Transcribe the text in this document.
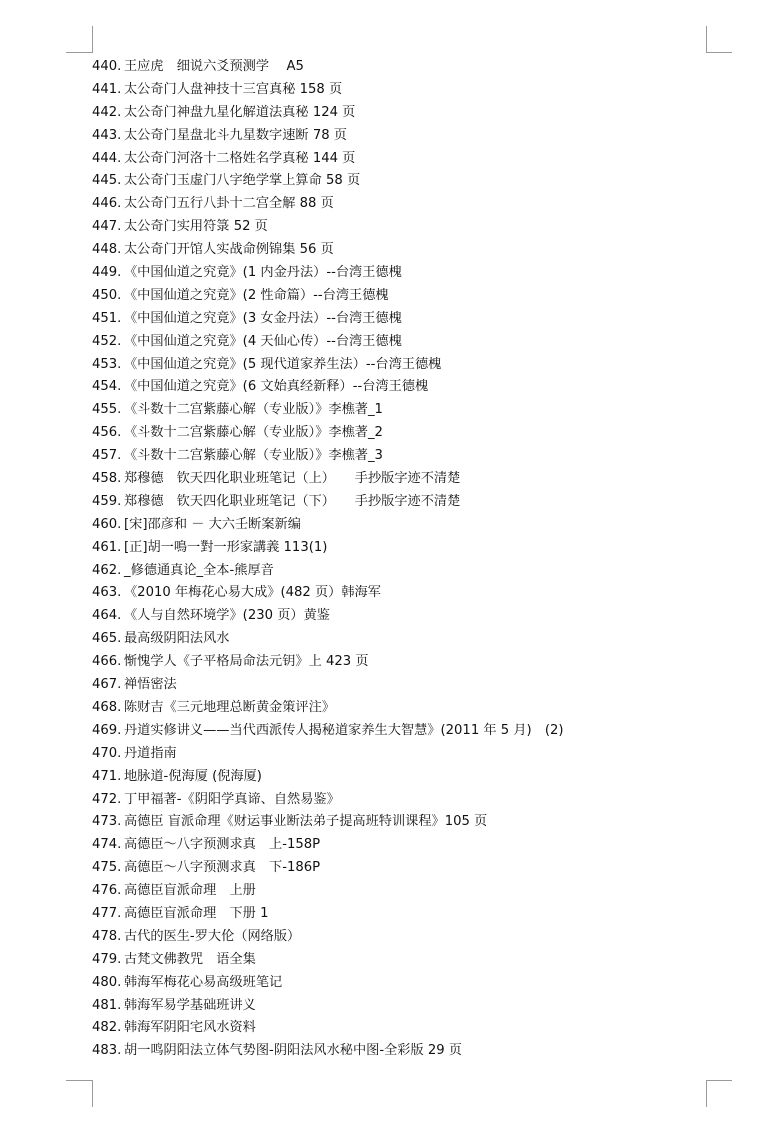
440. 王应虎　细说六爻预测学　 A5
441. 太公奇门人盘神技十三宫真秘 158 页
442. 太公奇门神盘九星化解道法真秘 124 页
443. 太公奇门星盘北斗九星数字速断 78 页
444. 太公奇门河洛十二格姓名学真秘 144 页
445. 太公奇门玉虚门八字绝学掌上算命 58 页
446. 太公奇门五行八卦十二宫全解 88 页
447. 太公奇门实用符箓 52 页
448. 太公奇门开馆人实战命例锦集 56 页
449. 《中国仙道之究竟》(1 内金丹法）--台湾王德槐
450. 《中国仙道之究竟》(2 性命篇）--台湾王德槐
451. 《中国仙道之究竟》(3 女金丹法）--台湾王德槐
452. 《中国仙道之究竟》(4 天仙心传）--台湾王德槐
453. 《中国仙道之究竟》(5 现代道家养生法）--台湾王德槐
454. 《中国仙道之究竟》(6 文始真经新释）--台湾王德槐
455. 《斗数十二宫紫藤心解（专业版）》李樵著_1
456. 《斗数十二宫紫藤心解（专业版）》李樵著_2
457. 《斗数十二宫紫藤心解（专业版）》李樵著_3
458. 郑穆德　钦天四化职业班笔记（上）　　手抄版字迹不清楚
459. 郑穆德　钦天四化职业班笔记（下）　　手抄版字迹不清楚
460. [宋]邵彦和 － 大六壬断案新编
461. [正]胡一鳴一對一形家講義 113(1)
462. _修德通真论_全本-熊厚音
463. 《2010 年梅花心易大成》(482 页）韩海军
464. 《人与自然环境学》(230 页）黄鉴
465. 最高级阴阳法风水
466. 惭愧学人《子平格局命法元钥》上 423 页
467. 禅悟密法
468. 陈财吉《三元地理总断黄金策评注》
469. 丹道实修讲义——当代西派传人揭秘道家养生大智慧》(2011 年 5 月)　(2)
470. 丹道指南
471. 地脉道-倪海厦 (倪海厦)
472. 丁甲福著-《阴阳学真谛、自然易鉴》
473. 高德臣 盲派命理《财运事业断法弟子提高班特训课程》105 页
474. 高德臣～八字预测求真　上-158P
475. 高德臣～八字预测求真　下-186P
476. 高德臣盲派命理　上册
477. 高德臣盲派命理　下册 1
478. 古代的医生-罗大伦（网络版）
479. 古梵文佛教咒　语全集
480. 韩海军梅花心易高级班笔记
481. 韩海军易学基础班讲义
482. 韩海军阴阳宅风水资料
483. 胡一鸣阴阳法立体气势图-阴阳法风水秘中图-全彩版 29 页
